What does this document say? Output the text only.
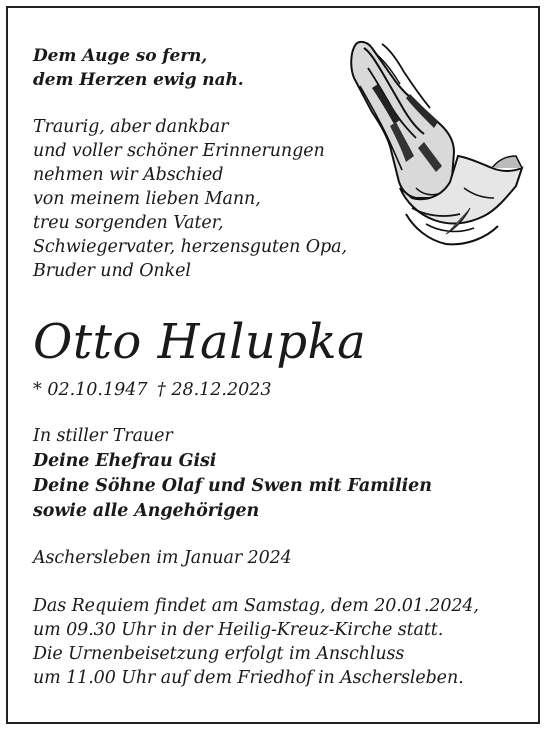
Dem Auge so fern,
dem Herzen ewig nah.
Traurig, aber dankbar
und voller schöner Erinnerungen
nehmen wir Abschied
von meinem lieben Mann,
treu sorgenden Vater,
Schwiegervater, herzensguten Opa,
Bruder und Onkel
Otto Halupka
* 02.10.1947 † 28.12.2023
In stiller Trauer
Deine Ehefrau Gisi
Deine Söhne Olaf und Swen mit Familien
sowie alle Angehörigen
Aschersleben im Januar 2024
Das Requiem findet am Samstag, dem 20.01.2024,
um 09.30 Uhr in der Heilig-Kreuz-Kirche statt.
Die Urnenbeisetzung erfolgt im Anschluss
um 11.00 Uhr auf dem Friedhof in Aschersleben.
